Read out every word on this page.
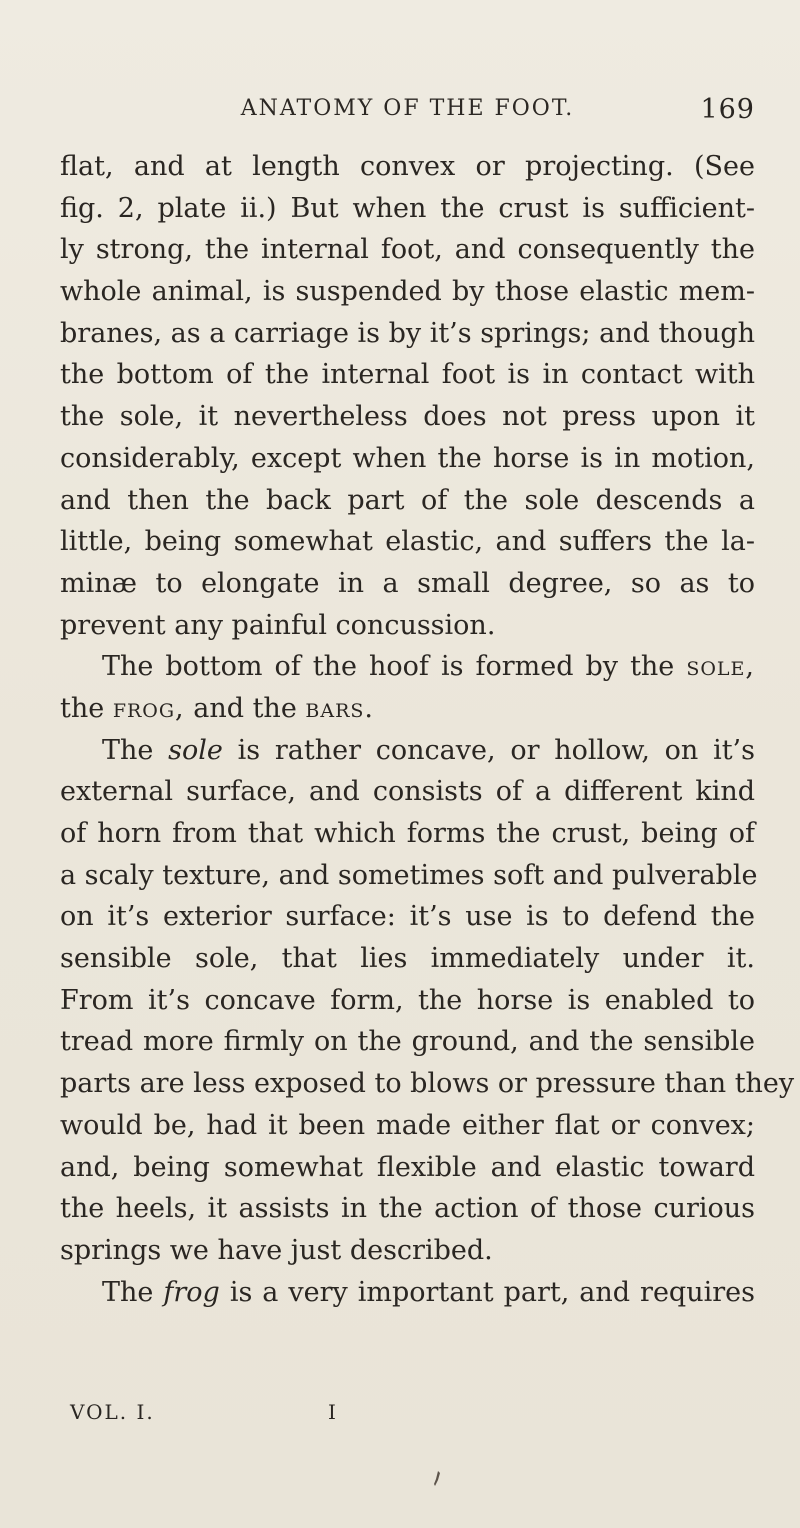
ANATOMY OF THE FOOT.	169
flat, and at length convex or projecting. (See
fig. 2, plate ii.) But when the crust is sufficient-
ly strong, the internal foot, and consequently the
whole animal, is suspended by those elastic mem-
branes, as a carriage is by it’s springs; and though
the bottom of the internal foot is in contact with
the sole, it nevertheless does not press upon it
considerably, except when the horse is in motion,
and then the back part of the sole descends a
little, being somewhat elastic, and suffers the la-
minæ to elongate in a small degree, so as to
prevent any painful concussion.
The bottom of the hoof is formed by the sole,
the frog, and the bars.
The sole is rather concave, or hollow, on it’s
external surface, and consists of a different kind
of horn from that which forms the crust, being of
a scaly texture, and sometimes soft and pulverable
on it’s exterior surface: it’s use is to defend the
sensible sole, that lies immediately under it.
From it’s concave form, the horse is enabled to
tread more firmly on the ground, and the sensible
parts are less exposed to blows or pressure than they
would be, had it been made either flat or convex;
and, being somewhat flexible and elastic toward
the heels, it assists in the action of those curious
springs we have just described.
The frog is a very important part, and requires
VOL. I.	I
